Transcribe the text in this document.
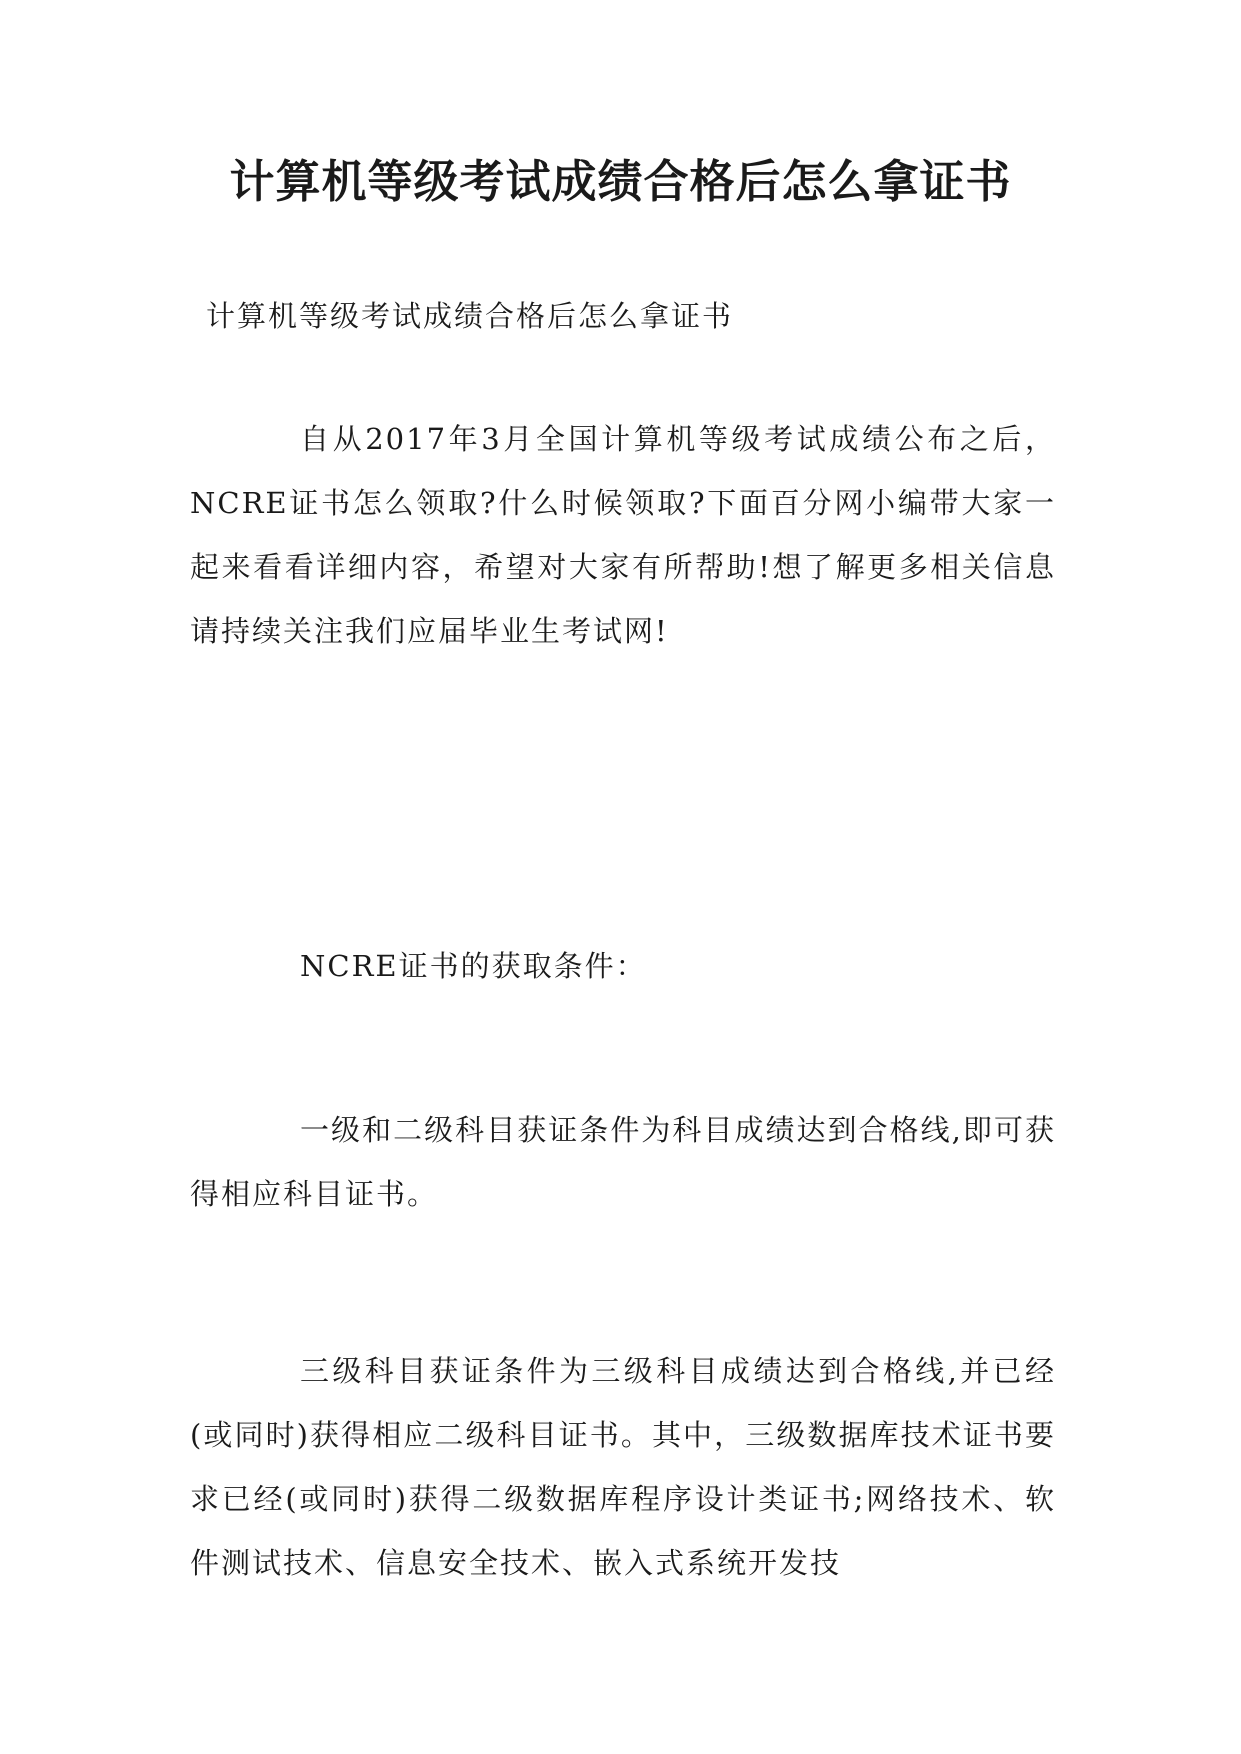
计算机等级考试成绩合格后怎么拿证书

计算机等级考试成绩合格后怎么拿证书

自从2017年3月全国计算机等级考试成绩公布之后，NCRE证书怎么领取?什么时候领取?下面百分网小编带大家一起来看看详细内容，希望对大家有所帮助!想了解更多相关信息请持续关注我们应届毕业生考试网!

NCRE证书的获取条件：

一级和二级科目获证条件为科目成绩达到合格线,即可获得相应科目证书。

三级科目获证条件为三级科目成绩达到合格线,并已经(或同时)获得相应二级科目证书。其中，三级数据库技术证书要求已经(或同时)获得二级数据库程序设计类证书;网络技术、软件测试技术、信息安全技术、嵌入式系统开发技
